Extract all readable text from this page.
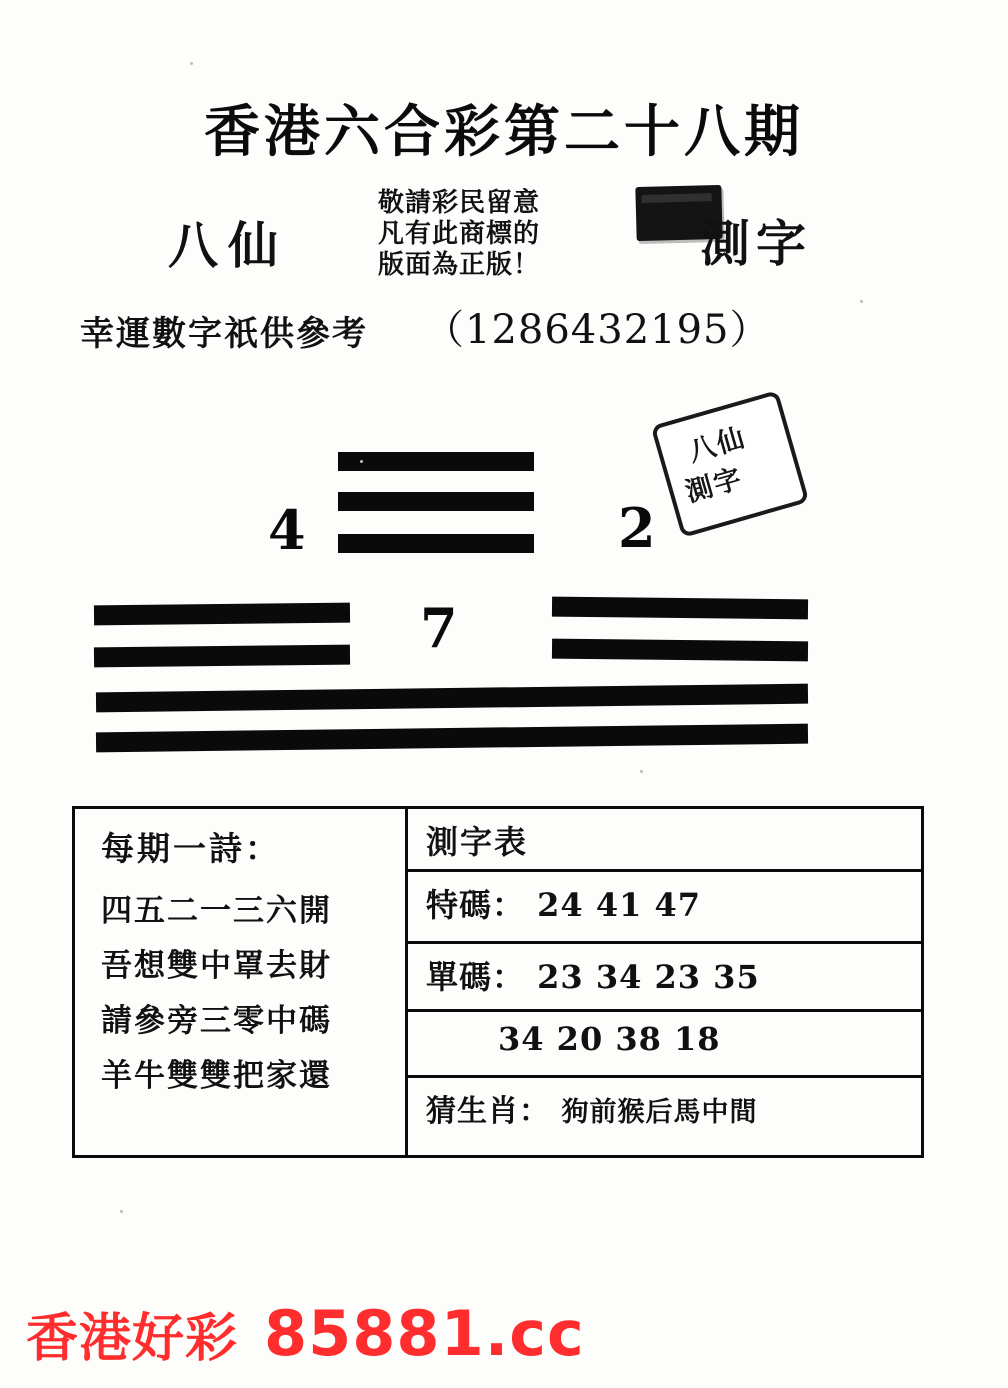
香港六合彩第二十八期
八仙
敬請彩民留意
凡有此商標的
版面為正版！	測字
幸運數字祇供參考 （1286432195）
4	2
7
八仙
測字
每期一詩：
四五二一三六開
吾想雙中罩去財
請參旁三零中碼
羊牛雙雙把家還
測字表
特碼： 24 41 47
單碼： 23 34 23 35
34 20 38 18
猜生肖： 狗前猴后馬中間
香港好彩 85881.cc
